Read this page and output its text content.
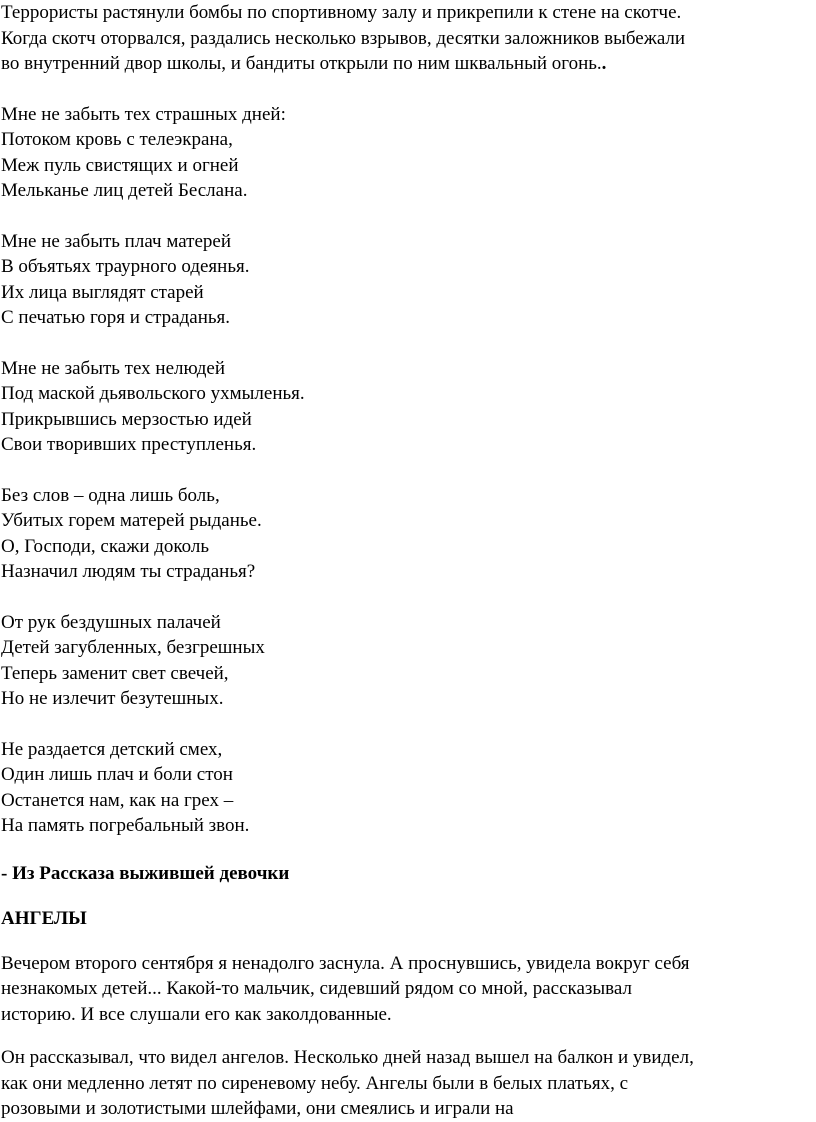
Террористы растянули бомбы по спортивному залу и прикрепили к стене на скотче.
Когда скотч оторвался, раздались несколько взрывов, десятки заложников выбежали
во внутренний двор школы, и бандиты открыли по ним шквальный огонь..
Мне не забыть тех страшных дней:
Потоком кровь с телеэкрана,
Меж пуль свистящих и огней
Мельканье лиц детей Беслана.
Мне не забыть плач матерей
В объятьях траурного одеянья.
Их лица выглядят старей
С печатью горя и страданья.
Мне не забыть тех нелюдей
Под маской дьявольского ухмыленья.
Прикрывшись мерзостью идей
Свои творивших преступленья.
Без слов – одна лишь боль,
Убитых горем матерей рыданье.
О, Господи, скажи доколь
Назначил людям ты страданья?
От рук бездушных палачей
Детей загубленных, безгрешных
Теперь заменит свет свечей,
Но не излечит безутешных.
Не раздается детский смех,
Один лишь плач и боли стон
Останется нам, как на грех –
На память погребальный звон.
- Из Рассказа выжившей девочки
АНГЕЛЫ
Вечером второго сентября я ненадолго заснула. А проснувшись, увидела вокруг себя
незнакомых детей... Какой-то мальчик, сидевший рядом со мной, рассказывал
историю. И все слушали его как заколдованные.
Он рассказывал, что видел ангелов. Несколько дней назад вышел на балкон и увидел,
как они медленно летят по сиреневому небу. Ангелы были в белых платьях, с
розовыми и золотистыми шлейфами, они смеялись и играли на
